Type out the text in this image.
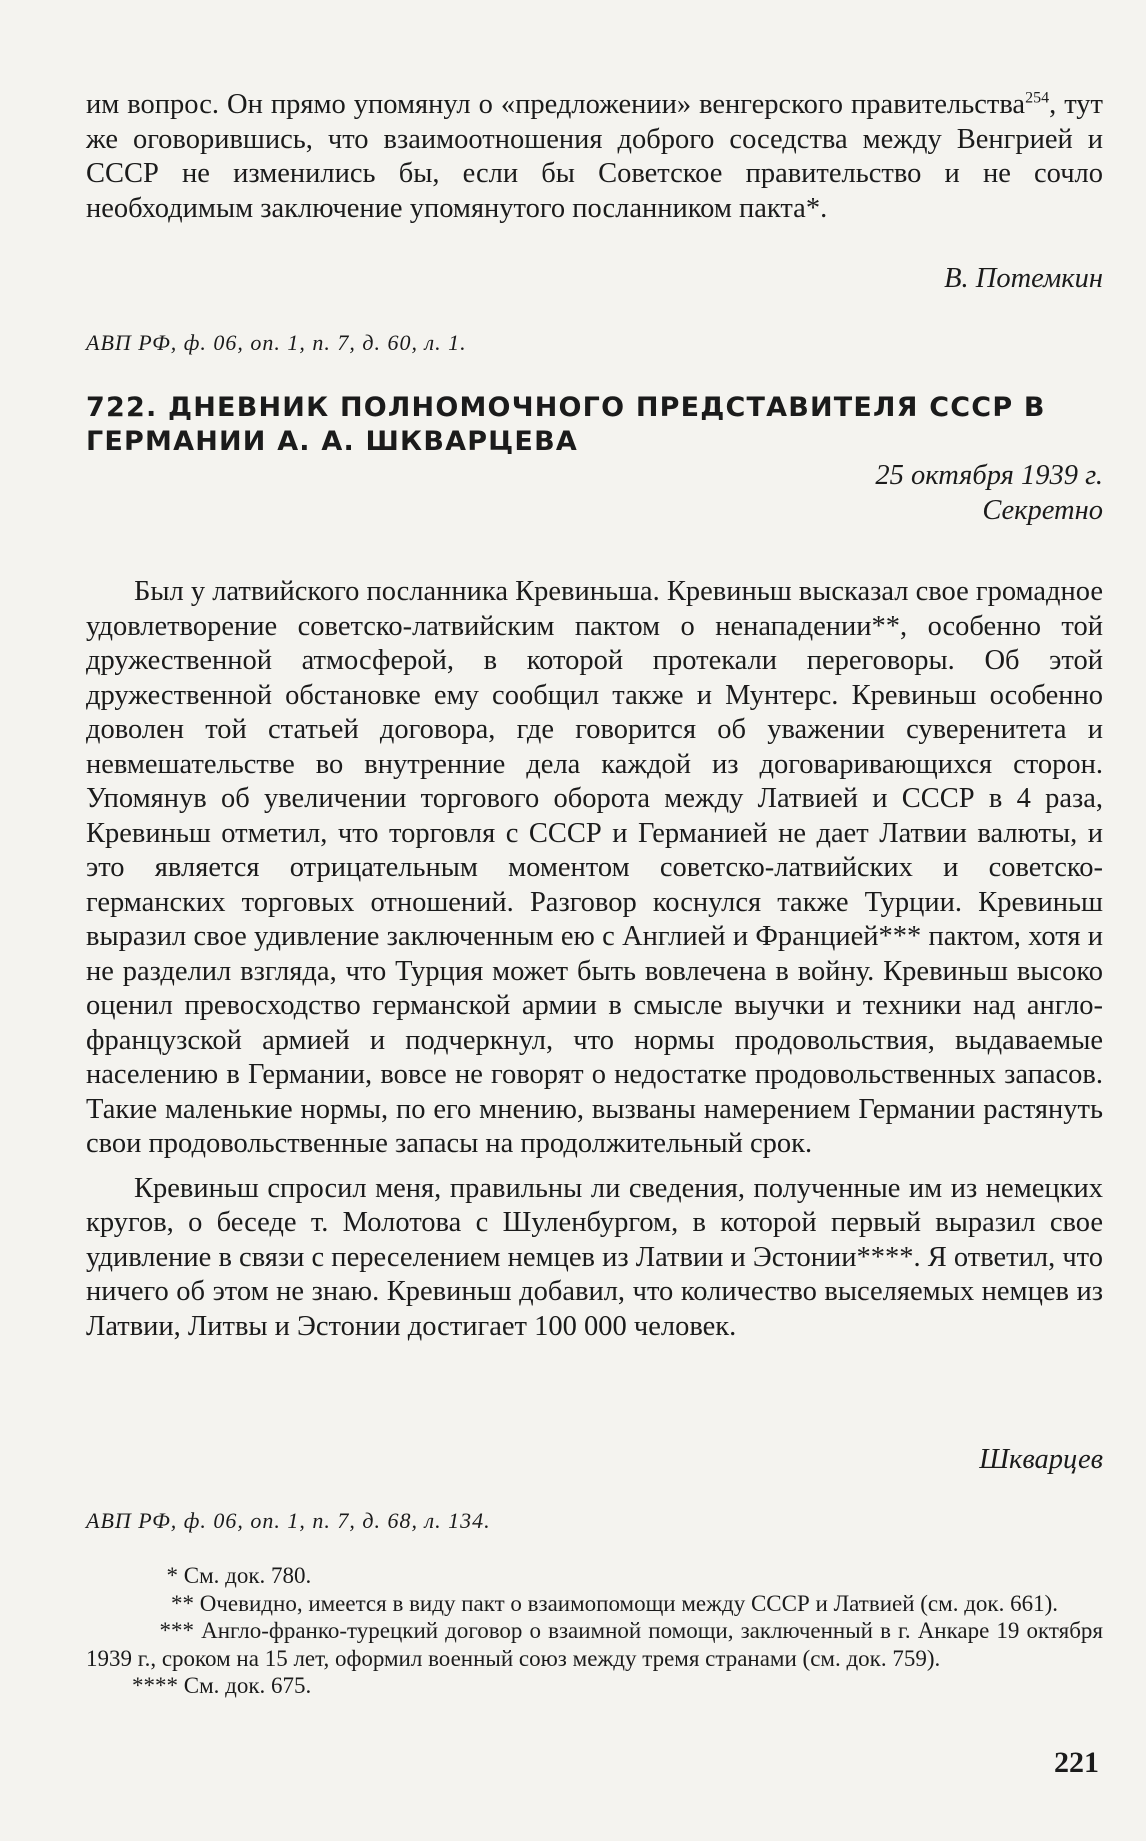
им вопрос. Он прямо упомянул о «предложении» венгерского правительства$^{254}$, тут же оговорившись, что взаимоотношения доброго соседства между Венгрией и СССР не изменились бы, если бы Советское правительство и не сочло необходимым заключение упомянутого посланником пакта*.

В. Потемкин
АВП РФ, ф. 06, оп. 1, п. 7, д. 60, л. 1.

722. ДНЕВНИК ПОЛНОМОЧНОГО ПРЕДСТАВИТЕЛЯ СССР В ГЕРМАНИИ А. А. ШКВАРЦЕВА

25 октября 1939 г.
Секретно

Был у латвийского посланника Кревиньша. Кревиньш высказал свое громадное удовлетворение советско-латвийским пактом о ненападении**, особенно той дружественной атмосферой, в которой протекали переговоры. Об этой дружественной обстановке ему сообщил также и Мунтерс. Кревиньш особенно доволен той статьей договора, где говорится об уважении суверенитета и невмешательстве во внутренние дела каждой из договаривающихся сторон. Упомянув об увеличении торгового оборота между Латвией и СССР в 4 раза, Кревиньш отметил, что торговля с СССР и Германией не дает Латвии валюты, и это является отрицательным моментом советско-латвийских и советско-германских торговых отношений. Разговор коснулся также Турции. Кревиньш выразил свое удивление заключенным ею с Англией и Францией*** пактом, хотя и не разделил взгляда, что Турция может быть вовлечена в войну. Кревиньш высоко оценил превосходство германской армии в смысле выучки и техники над англо-французской армией и подчеркнул, что нормы продовольствия, выдаваемые населению в Германии, вовсе не говорят о недостатке продовольственных запасов. Такие маленькие нормы, по его мнению, вызваны намерением Германии растянуть свои продовольственные запасы на продолжительный срок.

Кревиньш спросил меня, правильны ли сведения, полученные им из немецких кругов, о беседе т. Молотова с Шуленбургом, в которой первый выразил свое удивление в связи с переселением немцев из Латвии и Эстонии****. Я ответил, что ничего об этом не знаю. Кревиньш добавил, что количество выселяемых немцев из Латвии, Литвы и Эстонии достигает 100 000 человек.

Шкварцев
АВП РФ, ф. 06, оп. 1, п. 7, д. 68, л. 134.

* См. док. 780.

** Очевидно, имеется в виду пакт о взаимопомощи между СССР и Латвией (см. док. 661).

*** Англо-франко-турецкий договор о взаимной помощи, заключенный в г. Анкаре 19 октября 1939 г., сроком на 15 лет, оформил военный союз между тремя странами (см. док. 759).

**** См. док. 675.

221
